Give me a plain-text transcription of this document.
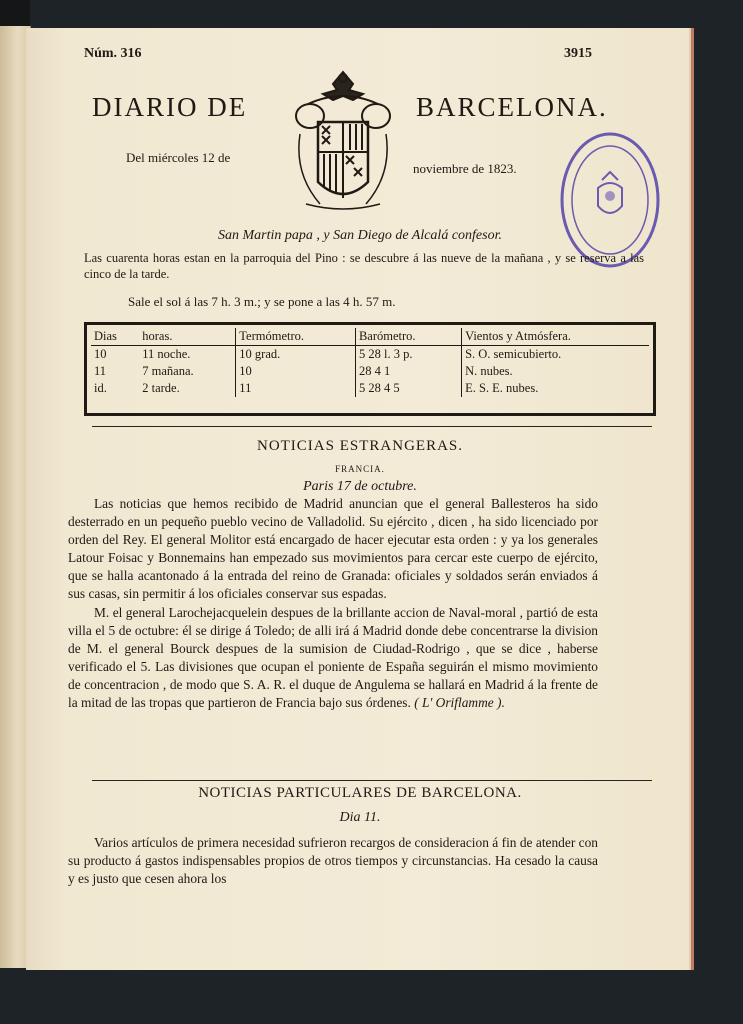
Núm. 316	3915
DIARIO DE	BARCELONA.
Del miércoles 12 de
noviembre de 1823.
San Martin papa , y San Diego de Alcalá confesor.
Las cuarenta horas estan en la parroquia del Pino : se descubre á las nueve de la mañana , y se reserva a las cinco de la tarde.
Sale el sol á las 7 h. 3 m.; y se pone a las 4 h. 57 m.
Dias	horas.	Termómetro.	Barómetro.	Vientos y Atmósfera.
10	11 noche.	10 grad.	5 28 l. 3 p.	S. O. semicubierto.
11	7 mañana.	10	28 4 1	N. nubes.
id.	2 tarde.	11	5 28 4 5	E. S. E. nubes.
NOTICIAS ESTRANGERAS.
FRANCIA.
Paris 17 de octubre.

Las noticias que hemos recibido de Madrid anuncian que el general Ballesteros ha sido desterrado en un pequeño pueblo vecino de Valladolid. Su ejército , dicen , ha sido licenciado por orden del Rey. El general Molitor está encargado de hacer ejecutar esta orden : y ya los generales Latour Foisac y Bonnemains han empezado sus movimientos para cercar este cuerpo de ejército, que se halla acantonado á la entrada del reino de Granada: oficiales y soldados serán enviados á sus casas, sin permitir á los oficiales conservar sus espadas.

M. el general Larochejacquelein despues de la brillante accion de Naval-moral , partió de esta villa el 5 de octubre: él se dirige á Toledo; de alli irá á Madrid donde debe concentrarse la division de M. el general Bourck despues de la sumision de Ciudad-Rodrigo , que se dice , haberse verificado el 5. Las divisiones que ocupan el poniente de España seguirán el mismo movimiento de concentracion , de modo que S. A. R. el duque de Angulema se hallará en Madrid á la frente de la mitad de las tropas que partieron de Francia bajo sus órdenes. ( L' Oriflamme ).

NOTICIAS PARTICULARES DE BARCELONA.
Dia 11.

Varios artículos de primera necesidad sufrieron recargos de consideracion á fin de atender con su producto á gastos indispensables propios de otros tiempos y circunstancias. Ha cesado la causa y es justo que cesen ahora los
